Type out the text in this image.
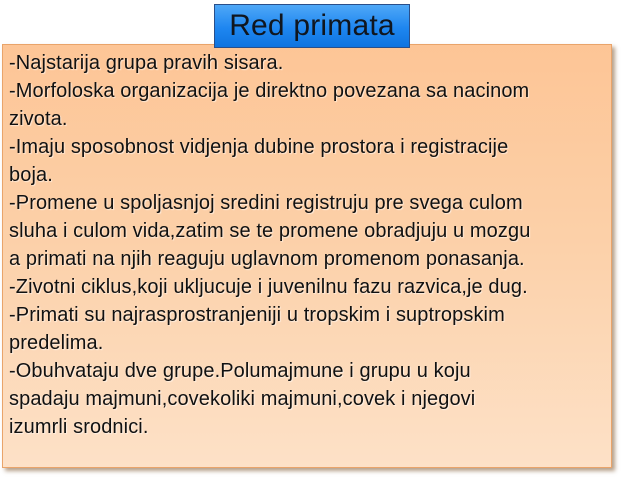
-Najstarija grupa pravih sisara.
-Morfoloska organizacija je direktno povezana sa nacinom
zivota.
-Imaju sposobnost vidjenja dubine prostora i registracije
boja.
-Promene u spoljasnjoj sredini registruju pre svega culom
sluha i culom vida,zatim se te promene obradjuju u mozgu
a primati na njih reaguju uglavnom promenom ponasanja.
-Zivotni ciklus,koji ukljucuje i juvenilnu fazu razvica,je dug.
-Primati su najrasprostranjeniji u tropskim i suptropskim
predelima.
-Obuhvataju dve grupe.Polumajmune i grupu u koju
spadaju majmuni,covekoliki majmuni,covek i njegovi
izumrli srodnici.
Red primata
